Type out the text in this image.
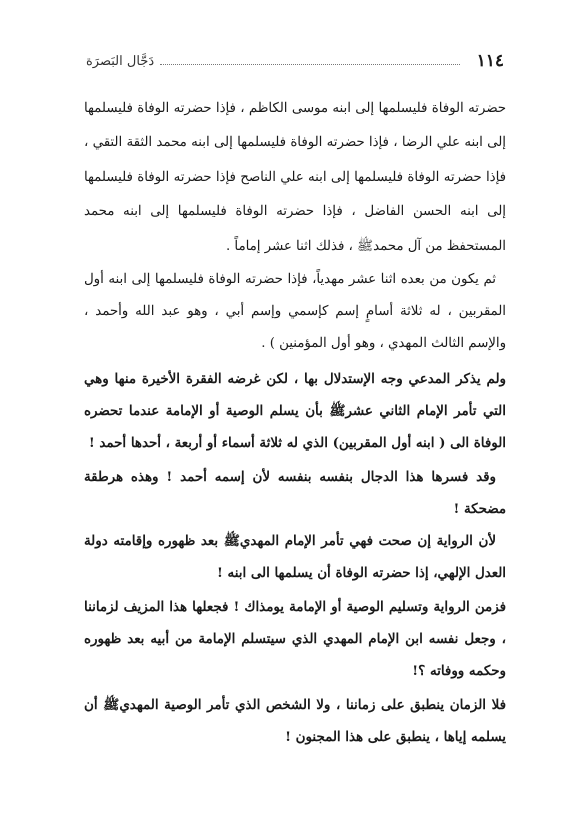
١١٤
دَجَّال البَصرَة

حضرته الوفاة فليسلمها إلى ابنه موسى الكاظم ، فإذا حضرته الوفاة فليسلمها إلى ابنه علي الرضا ، فإذا حضرته الوفاة فليسلمها إلى ابنه محمد الثقة التقي ، فإذا حضرته الوفاة فليسلمها إلى ابنه علي الناصح فإذا حضرته الوفاة فليسلمها إلى ابنه الحسن الفاضل ، فإذا حضرته الوفاة فليسلمها إلى ابنه محمد المستحفظ من آل محمدﷺ ، فذلك اثنا عشر إماماً .

ثم يكون من بعده اثنا عشر مهدياً، فإذا حضرته الوفاة فليسلمها إلى ابنه أول المقربين ، له ثلاثة أسامٍ إسم كإسمي وإسم أبي ، وهو عبد الله وأحمد ، والإسم الثالث المهدي ، وهو أول المؤمنين ) .

ولم يذكر المدعي وجه الإستدلال بها ، لكن غرضه الفقرة الأخيرة منها وهي التي تأمر الإمام الثاني عشرﷺ بأن يسلم الوصية أو الإمامة عندما تحضره الوفاة الى ( ابنه أول المقربين) الذي له ثلاثة أسماء أو أربعة ، أحدها أحمد !

وقد فسرها هذا الدجال بنفسه بنفسه لأن إسمه أحمد ! وهذه هرطقة مضحكة !

لأن الرواية إن صحت فهي تأمر الإمام المهديﷺ بعد ظهوره وإقامته دولة العدل الإلهي، إذا حضرته الوفاة أن يسلمها الى ابنه !

فزمن الرواية وتسليم الوصية أو الإمامة يومذاك ! فجعلها هذا المزيف لزماننا ، وجعل نفسه ابن الإمام المهدي الذي سيتسلم الإمامة من أبيه بعد ظهوره وحكمه ووفاته ؟!

فلا الزمان ينطبق على زماننا ، ولا الشخص الذي تأمر الوصية المهديﷺ أن يسلمه إياها ، ينطبق على هذا المجنون !
